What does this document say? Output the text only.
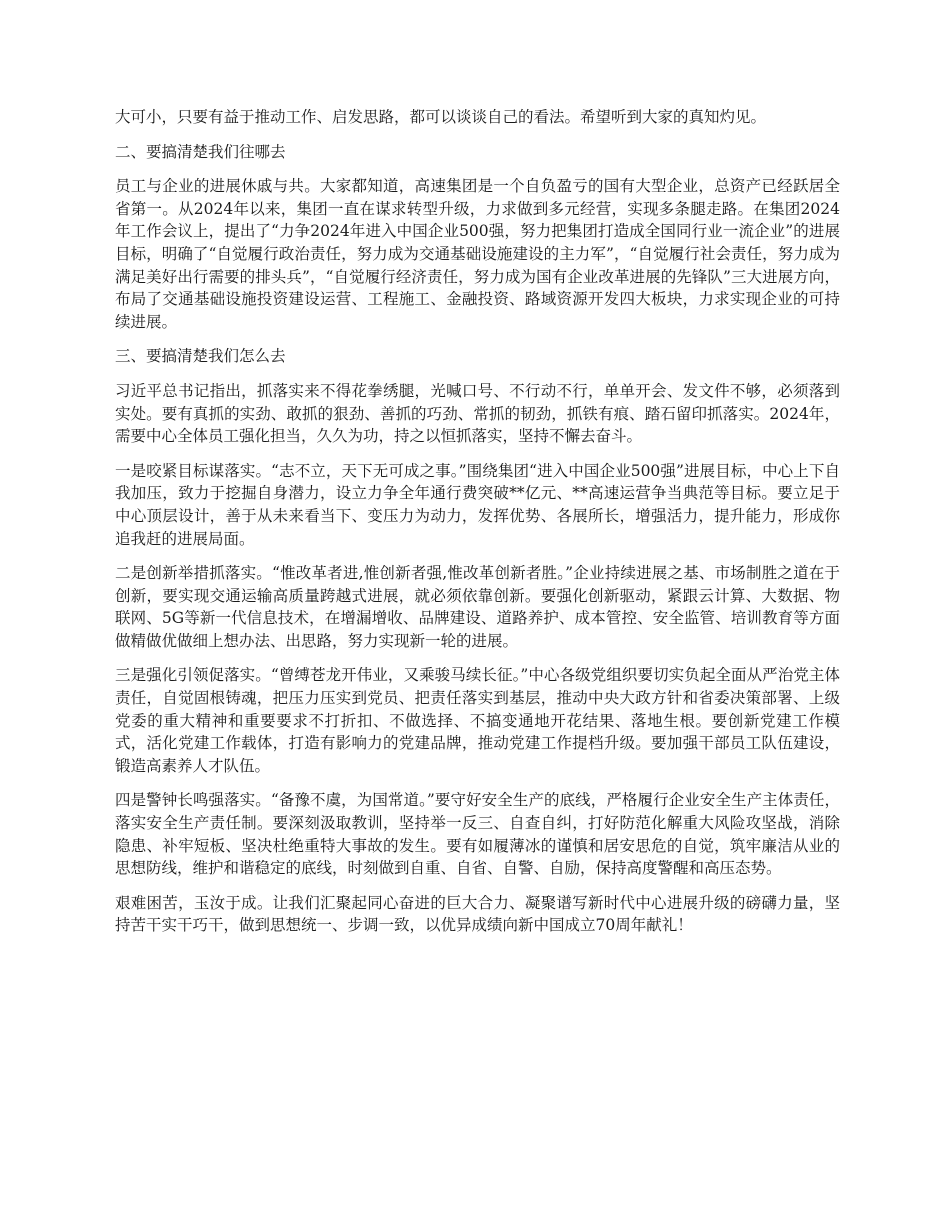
大可小，只要有益于推动工作、启发思路，都可以谈谈自己的看法。希望听到大家的真知灼见。

二、要搞清楚我们往哪去

员工与企业的进展休戚与共。大家都知道，高速集团是一个自负盈亏的国有大型企业，总资产已经跃居全省第一。从2024年以来，集团一直在谋求转型升级，力求做到多元经营，实现多条腿走路。在集团2024年工作会议上，提出了“力争2024年进入中国企业500强，努力把集团打造成全国同行业一流企业”的进展目标，明确了“自觉履行政治责任，努力成为交通基础设施建设的主力军”，“自觉履行社会责任，努力成为满足美好出行需要的排头兵”，“自觉履行经济责任，努力成为国有企业改革进展的先锋队”三大进展方向，布局了交通基础设施投资建设运营、工程施工、金融投资、路域资源开发四大板块，力求实现企业的可持续进展。

三、要搞清楚我们怎么去

习近平总书记指出，抓落实来不得花拳绣腿，光喊口号、不行动不行，单单开会、发文件不够，必须落到实处。要有真抓的实劲、敢抓的狠劲、善抓的巧劲、常抓的韧劲，抓铁有痕、踏石留印抓落实。2024年，需要中心全体员工强化担当，久久为功，持之以恒抓落实，坚持不懈去奋斗。

一是咬紧目标谋落实。“志不立，天下无可成之事。”围绕集团“进入中国企业500强”进展目标，中心上下自我加压，致力于挖掘自身潜力，设立力争全年通行费突破**亿元、**高速运营争当典范等目标。要立足于中心顶层设计，善于从未来看当下、变压力为动力，发挥优势、各展所长，增强活力，提升能力，形成你追我赶的进展局面。

二是创新举措抓落实。“惟改革者进,惟创新者强,惟改革创新者胜。”企业持续进展之基、市场制胜之道在于创新，要实现交通运输高质量跨越式进展，就必须依靠创新。要强化创新驱动，紧跟云计算、大数据、物联网、5G等新一代信息技术，在增漏增收、品牌建设、道路养护、成本管控、安全监管、培训教育等方面做精做优做细上想办法、出思路，努力实现新一轮的进展。

三是强化引领促落实。“曾缚苍龙开伟业，又乘骏马续长征。”中心各级党组织要切实负起全面从严治党主体责任，自觉固根铸魂，把压力压实到党员、把责任落实到基层，推动中央大政方针和省委决策部署、上级党委的重大精神和重要要求不打折扣、不做选择、不搞变通地开花结果、落地生根。要创新党建工作模式，活化党建工作载体，打造有影响力的党建品牌，推动党建工作提档升级。要加强干部员工队伍建设，锻造高素养人才队伍。

四是警钟长鸣强落实。“备豫不虞，为国常道。”要守好安全生产的底线，严格履行企业安全生产主体责任，落实安全生产责任制。要深刻汲取教训，坚持举一反三、自查自纠，打好防范化解重大风险攻坚战，消除隐患、补牢短板、坚决杜绝重特大事故的发生。要有如履薄冰的谨慎和居安思危的自觉，筑牢廉洁从业的思想防线，维护和谐稳定的底线，时刻做到自重、自省、自警、自励，保持高度警醒和高压态势。

艰难困苦，玉汝于成。让我们汇聚起同心奋进的巨大合力、凝聚谱写新时代中心进展升级的磅礴力量，坚持苦干实干巧干，做到思想统一、步调一致，以优异成绩向新中国成立70周年献礼！
